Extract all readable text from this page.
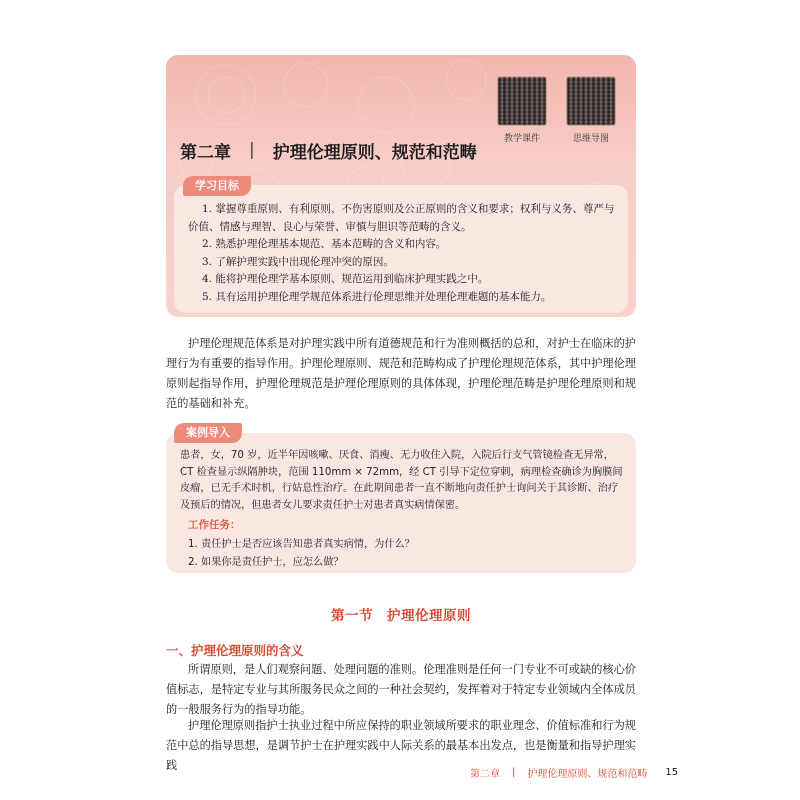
第二章 | 护理伦理原则、规范和范畴
教学课件	思维导图
1. 掌握尊重原则、有利原则、不伤害原则及公正原则的含义和要求；权利与义务、尊严与
价值、情感与理智、良心与荣誉、审慎与胆识等范畴的含义。
2. 熟悉护理伦理基本规范、基本范畴的含义和内容。
3. 了解护理实践中出现伦理冲突的原因。
4. 能将护理伦理学基本原则、规范运用到临床护理实践之中。
5. 具有运用护理伦理学规范体系进行伦理思维并处理伦理难题的基本能力。
学习目标
护理伦理规范体系是对护理实践中所有道德规范和行为准则概括的总和，对护士在临床的护理行为有重要的指导作用。护理伦理原则、规范和范畴构成了护理伦理规范体系，其中护理伦理原则起指导作用，护理伦理规范是护理伦理原则的具体体现，护理伦理范畴是护理伦理原则和规范的基础和补充。
患者，女，70 岁，近半年因咳嗽、厌食、消瘦、无力收住入院，入院后行支气管镜检查无异常，CT 检查显示纵隔肿块，范围 110mm × 72mm，经 CT 引导下定位穿刺，病理检查确诊为胸膜间皮瘤，已无手术时机，行姑息性治疗。在此期间患者一直不断地向责任护士询问关于其诊断、治疗及预后的情况，但患者女儿要求责任护士对患者真实病情保密。
工作任务：
1. 责任护士是否应该告知患者真实病情，为什么？
2. 如果你是责任护士，应怎么做？
案例导入
第一节　护理伦理原则
一、护理伦理原则的含义
所谓原则，是人们观察问题、处理问题的准则。伦理准则是任何一门专业不可或缺的核心价值标志，是特定专业与其所服务民众之间的一种社会契约，发挥着对于特定专业领域内全体成员的一般服务行为的指导功能。
护理伦理原则指护士执业过程中所应保持的职业领域所要求的职业理念、价值标准和行为规范中总的指导思想，是调节护士在护理实践中人际关系的最基本出发点，也是衡量和指导护理实践
第二章 | 护理伦理原则、规范和范畴 15
